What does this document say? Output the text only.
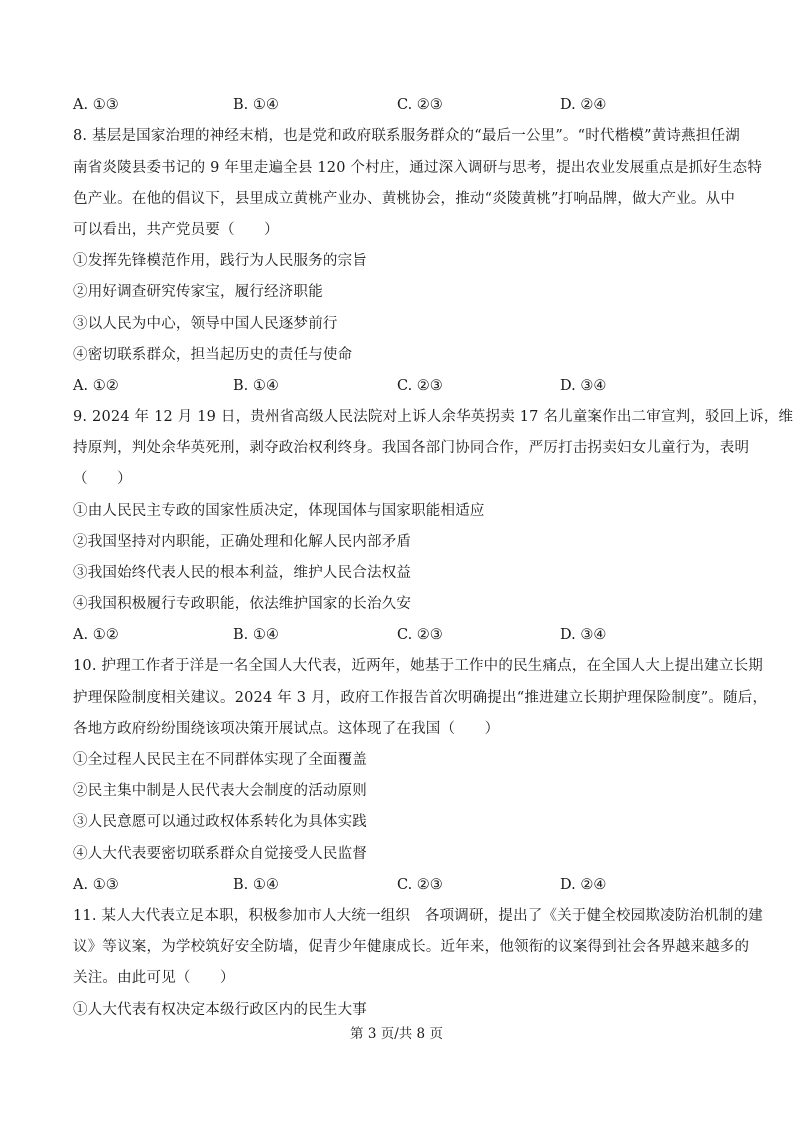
A. ①③	B. ①④	C. ②③	D. ②④
8. 基层是国家治理的神经末梢，也是党和政府联系服务群众的“最后一公里”。“时代楷模”黄诗燕担任湖
南省炎陵县委书记的 9 年里走遍全县 120 个村庄，通过深入调研与思考，提出农业发展重点是抓好生态特
色产业。在他的倡议下，县里成立黄桃产业办、黄桃协会，推动“炎陵黄桃”打响品牌，做大产业。从中
可以看出，共产党员要（　　）
①发挥先锋模范作用，践行为人民服务的宗旨
②用好调查研究传家宝，履行经济职能
③以人民为中心，领导中国人民逐梦前行
④密切联系群众，担当起历史的责任与使命
A. ①②	B. ①④	C. ②③	D. ③④
9. 2024 年 12 月 19 日，贵州省高级人民法院对上诉人余华英拐卖 17 名儿童案作出二审宣判，驳回上诉，维
持原判，判处余华英死刑，剥夺政治权利终身。我国各部门协同合作，严厉打击拐卖妇女儿童行为，表明
（　　）
①由人民民主专政的国家性质决定，体现国体与国家职能相适应
②我国坚持对内职能，正确处理和化解人民内部矛盾
③我国始终代表人民的根本利益，维护人民合法权益
④我国积极履行专政职能，依法维护国家的长治久安
A. ①②	B. ①④	C. ②③	D. ③④
10. 护理工作者于洋是一名全国人大代表，近两年，她基于工作中的民生痛点，在全国人大上提出建立长期
护理保险制度相关建议。2024 年 3 月，政府工作报告首次明确提出“推进建立长期护理保险制度”。随后，
各地方政府纷纷围绕该项决策开展试点。这体现了在我国（　　）
①全过程人民民主在不同群体实现了全面覆盖
②民主集中制是人民代表大会制度的活动原则
③人民意愿可以通过政权体系转化为具体实践
④人大代表要密切联系群众自觉接受人民监督
A. ①③	B. ①④	C. ②③	D. ②④
11. 某人大代表立足本职，积极参加市人大统一组织　各项调研，提出了《关于健全校园欺凌防治机制的建
议》等议案，为学校筑好安全防墙，促青少年健康成长。近年来，他领衔的议案得到社会各界越来越多的
关注。由此可见（　　）
①人大代表有权决定本级行政区内的民生大事
第 3 页/共 8 页
